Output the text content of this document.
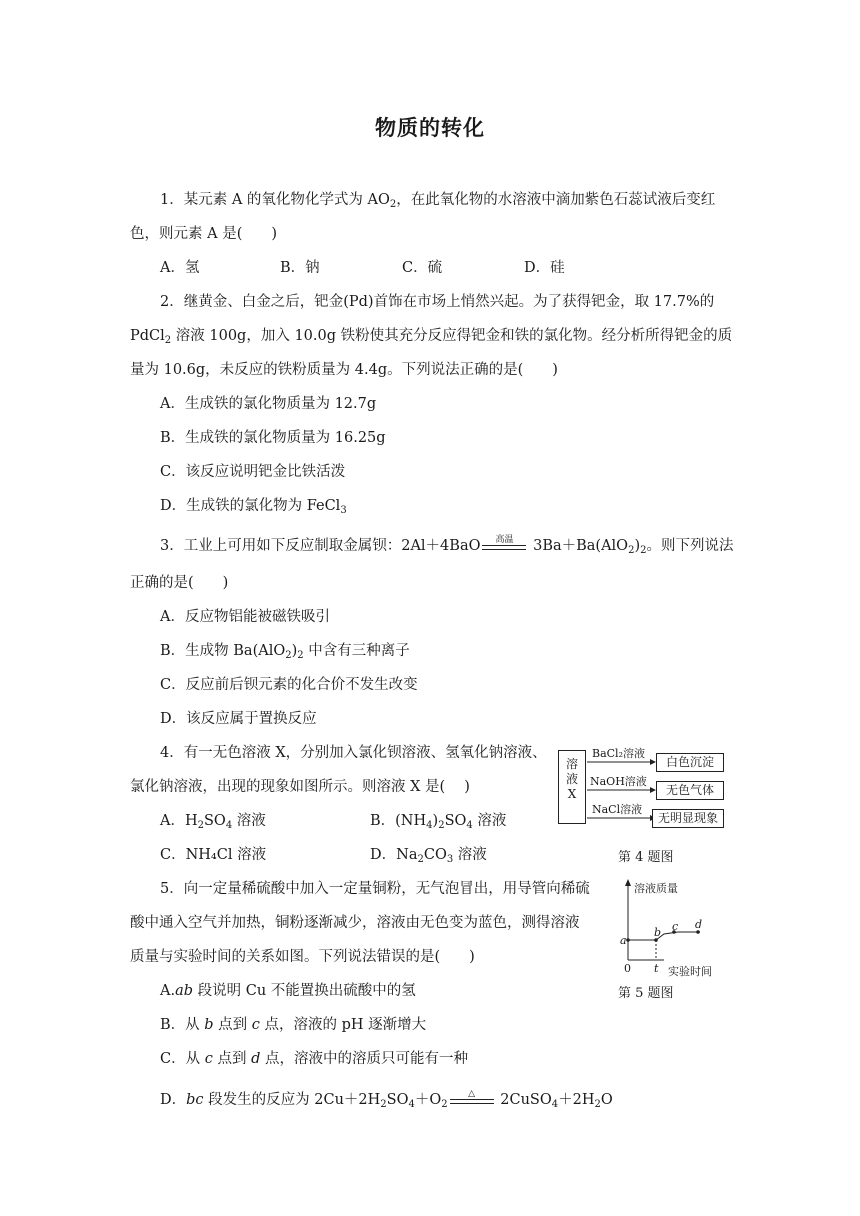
物质的转化
1．某元素 A 的氧化物化学式为 $AO_2$，在此氧化物的水溶液中滴加紫色石蕊试液后变红
色，则元素 A 是(　　)
A．氢	B．钠	C．硫	D．硅
2．继黄金、白金之后，钯金(Pd)首饰在市场上悄然兴起。为了获得钯金，取 17.7%的
PdCl$_2$ 溶液 100g，加入 10.0g 铁粉使其充分反应得钯金和铁的氯化物。经分析所得钯金的质
量为 10.6g，未反应的铁粉质量为 4.4g。下列说法正确的是(　　)
A．生成铁的氯化物质量为 12.7g
B．生成铁的氯化物质量为 16.25g
C．该反应说明钯金比铁活泼
D．生成铁的氯化物为 FeCl$_3$
3．工业上可用如下反应制取金属钡：2Al＋4BaO	高温	$3Ba+Ba(AlO_2)_2$。则下列说法
正确的是(　　)
A．反应物铝能被磁铁吸引
B．生成物 $Ba(AlO_2)_2$ 中含有三种离子
C．反应前后钡元素的化合价不发生改变
D．该反应属于置换反应
4．有一无色溶液 X，分别加入氯化钡溶液、氢氧化钠溶液、
氯化钠溶液，出现的现象如图所示。则溶液 X 是(　 )
A．$H_2SO_4$ 溶液	B．$(NH_4)_2SO_4$ 溶液
C．NH₄Cl 溶液	D．$Na_2CO_3$ 溶液
溶
液
X
BaCl₂溶液
NaOH溶液
NaCl溶液
白色沉淀
无色气体
无明显现象
第 4 题图
5．向一定量稀硫酸中加入一定量铜粉，无气泡冒出，用导管向稀硫
酸中通入空气并加热，铜粉逐渐减少，溶液由无色变为蓝色，测得溶液
质量与实验时间的关系如图。下列说法错误的是(　　)
A.ab 段说明 Cu 不能置换出硫酸中的氢
B．从 b 点到 c 点，溶液的 pH 逐渐增大
C．从 c 点到 d 点，溶液中的溶质只可能有一种
D．bc 段发生的反应为 $2Cu+2H_2SO_4+O_2$
△	$2CuSO_4+2H_2O$
溶液质量
a
b c d
0 t 实验时间
第 5 题图
